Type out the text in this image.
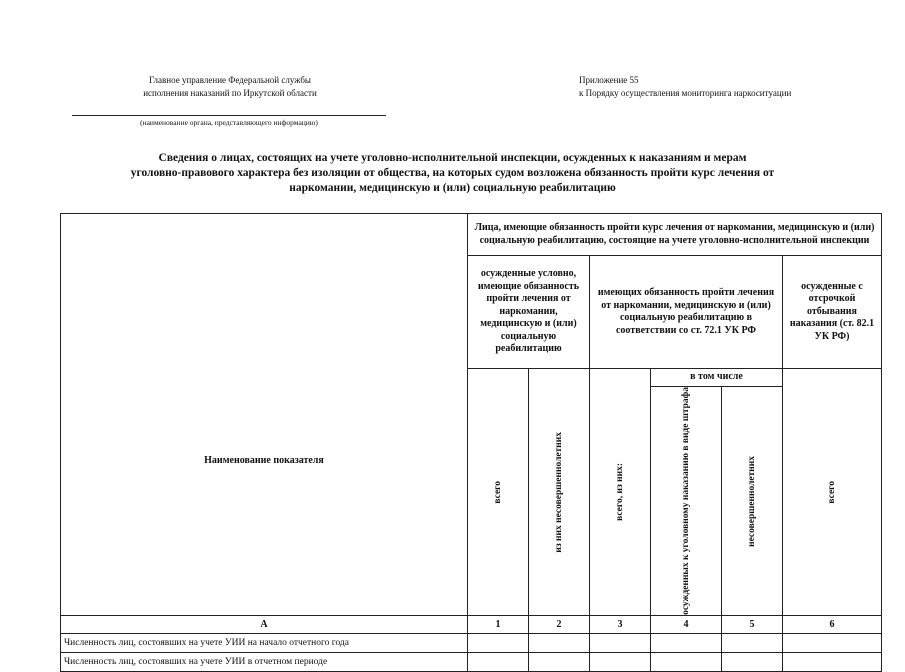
Главное управление Федеральной службы
исполнения наказаний по Иркутской области
(наименование органа, представляющего информацию)
Приложение 55
к Порядку осуществления мониторинга наркоситуации
Сведения о лицах, состоящих на учете уголовно-исполнительной инспекции, осужденных к наказаниям и мерам
уголовно-правового характера без изоляции от общества, на которых судом возложена обязанность пройти курс лечения от
наркомании, медицинскую и (или) социальную реабилитацию
Наименование показателя	Лица, имеющие обязанность пройти курс лечения от наркомании, медицинскую и (или) социальную реабилитацию, состоящие на учете уголовно-исполнительной инспекции					
	осужденные условно, имеющие обязанность пройти лечения от наркомании, медицинскую и (или) социальную реабилитацию		имеющих обязанность пройти лечения от наркомании, медицинскую и (или) социальную реабилитацию в соответствии со ст. 72.1 УК РФ			осужденные с отсрочкой отбывания наказания (ст. 82.1 УК РФ)

	всего	из них несовершеннолетних	всего, из них:	в том числе		всего

				осужденных к уголовному наказанию в виде штрафа	несовершеннолетних	

А	1	2	3	4	5	6
Численность лиц, состоявших на учете УИИ на начало отчетного года						
Численность лиц, состоявших на учете УИИ в отчетном периоде						
